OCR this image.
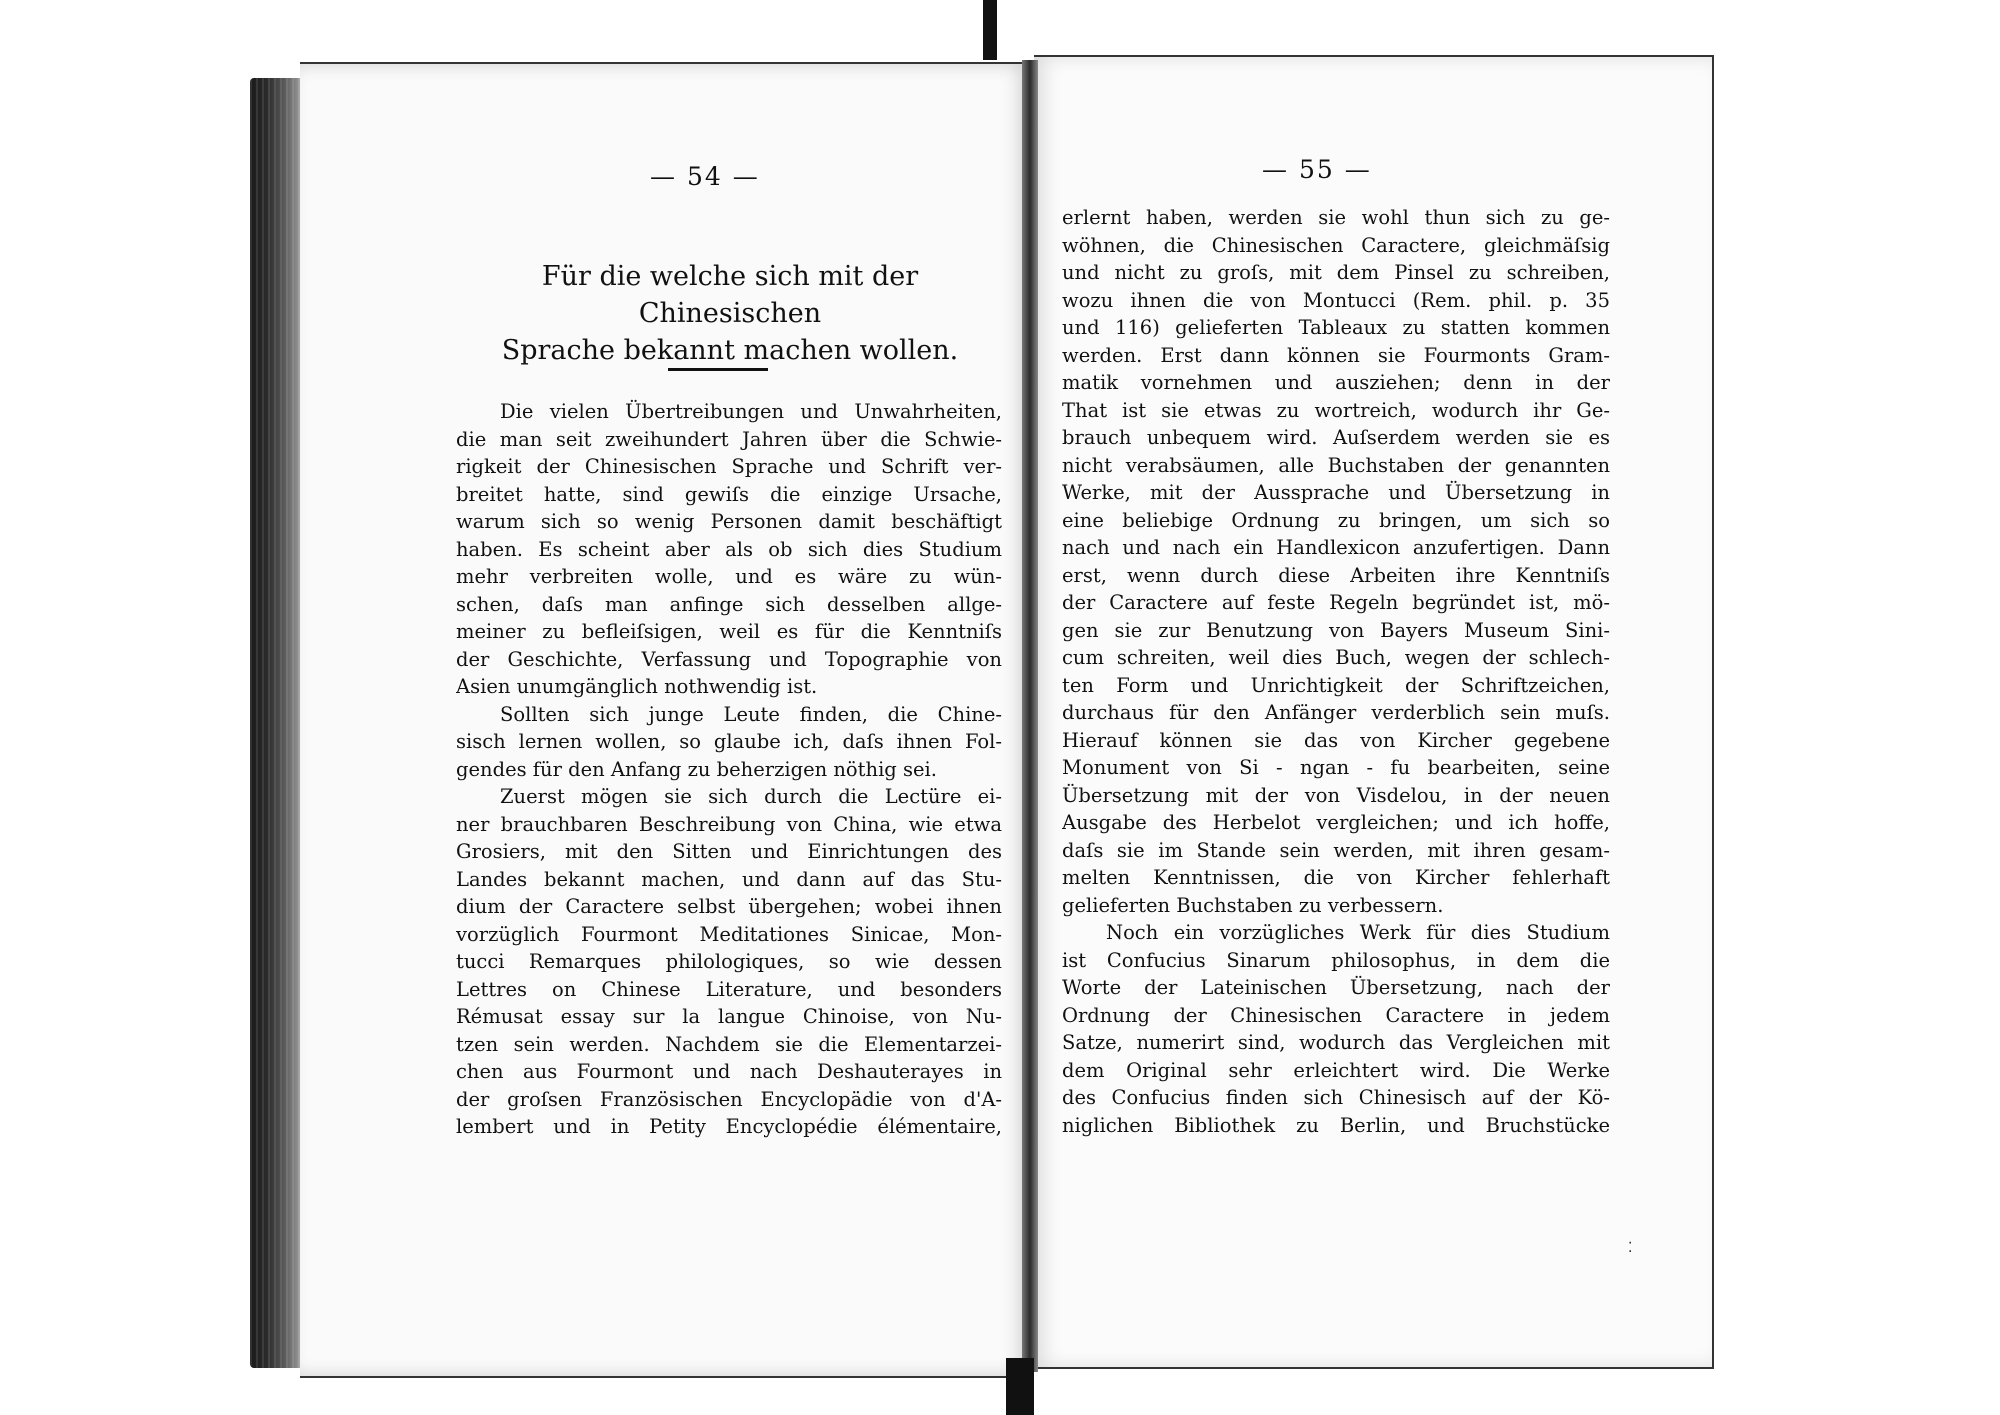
— 54 —	— 55 —
Für die welche sich mit der Chinesischen
Sprache bekannt machen wollen.
Die vielen Übertreibungen und Unwahrheiten,
die man seit zweihundert Jahren über die Schwie-
rigkeit der Chinesischen Sprache und Schrift ver-
breitet hatte, sind gewiſs die einzige Ursache,
warum sich so wenig Personen damit beschäftigt
haben. Es scheint aber als ob sich dies Studium
mehr verbreiten wolle, und es wäre zu wün-
schen, daſs man anfinge sich desselben allge-
meiner zu befleiſsigen, weil es für die Kenntniſs
der Geschichte, Verfassung und Topographie von
Asien unumgänglich nothwendig ist.
Sollten sich junge Leute finden, die Chine-
sisch lernen wollen, so glaube ich, daſs ihnen Fol-
gendes für den Anfang zu beherzigen nöthig sei.
Zuerst mögen sie sich durch die Lectüre ei-
ner brauchbaren Beschreibung von China, wie etwa
Grosiers, mit den Sitten und Einrichtungen des
Landes bekannt machen, und dann auf das Stu-
dium der Caractere selbst übergehen; wobei ihnen
vorzüglich Fourmont Meditationes Sinicae, Mon-
tucci Remarques philologiques, so wie dessen
Lettres on Chinese Literature, und besonders
Rémusat essay sur la langue Chinoise, von Nu-
tzen sein werden. Nachdem sie die Elementarzei-
chen aus Fourmont und nach Deshauterayes in
der groſsen Französischen Encyclopädie von d'A-
lembert und in Petity Encyclopédie élémentaire,
erlernt haben, werden sie wohl thun sich zu ge-
wöhnen, die Chinesischen Caractere, gleichmäſsig
und nicht zu groſs, mit dem Pinsel zu schreiben,
wozu ihnen die von Montucci (Rem. phil. p. 35
und 116) gelieferten Tableaux zu statten kommen
werden. Erst dann können sie Fourmonts Gram-
matik vornehmen und ausziehen; denn in der
That ist sie etwas zu wortreich, wodurch ihr Ge-
brauch unbequem wird. Auſserdem werden sie es
nicht verabsäumen, alle Buchstaben der genannten
Werke, mit der Aussprache und Übersetzung in
eine beliebige Ordnung zu bringen, um sich so
nach und nach ein Handlexicon anzufertigen. Dann
erst, wenn durch diese Arbeiten ihre Kenntniſs
der Caractere auf feste Regeln begründet ist, mö-
gen sie zur Benutzung von Bayers Museum Sini-
cum schreiten, weil dies Buch, wegen der schlech-
ten Form und Unrichtigkeit der Schriftzeichen,
durchaus für den Anfänger verderblich sein muſs.
Hierauf können sie das von Kircher gegebene
Monument von Si - ngan - fu bearbeiten, seine
Übersetzung mit der von Visdelou, in der neuen
Ausgabe des Herbelot vergleichen; und ich hoffe,
daſs sie im Stande sein werden, mit ihren gesam-
melten Kenntnissen, die von Kircher fehlerhaft
gelieferten Buchstaben zu verbessern.
Noch ein vorzügliches Werk für dies Studium
ist Confucius Sinarum philosophus, in dem die
Worte der Lateinischen Übersetzung, nach der
Ordnung der Chinesischen Caractere in jedem
Satze, numerirt sind, wodurch das Vergleichen mit
dem Original sehr erleichtert wird. Die Werke
des Confucius finden sich Chinesisch auf der Kö-
niglichen Bibliothek zu Berlin, und Bruchstücke
⁚
